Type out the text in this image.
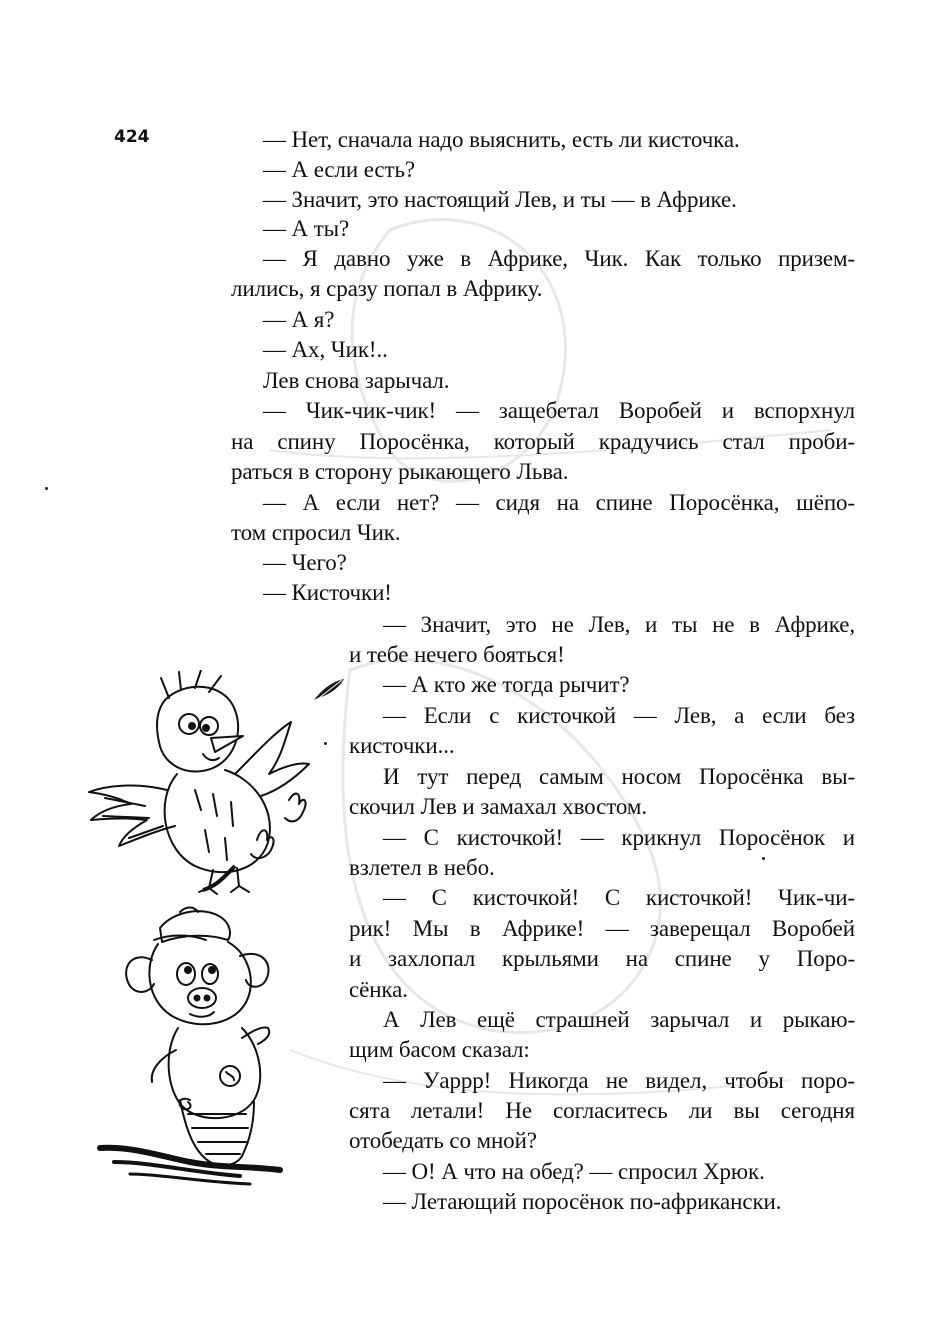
424	— Нет, сначала надо выяснить, есть ли кисточка.
— А если есть?
— Значит, это настоящий Лев, и ты — в Африке.
— А ты?
— Я давно уже в Африке, Чик. Как только призем-
лились, я сразу попал в Африку.
— А я?
— Ах, Чик!..
Лев снова зарычал.
— Чик-чик-чик! — защебетал Воробей и вспорхнул
на спину Поросёнка, который крадучись стал проби-
раться в сторону рыкающего Льва.
— А если нет? — сидя на спине Поросёнка, шёпо-
том спросил Чик.
— Чего?
— Кисточки!
— Значит, это не Лев, и ты не в Африке,
и тебе нечего бояться!
— А кто же тогда рычит?
— Если с кисточкой — Лев, а если без
кисточки...
И тут перед самым носом Поросёнка вы-
скочил Лев и замахал хвостом.
— С кисточкой! — крикнул Поросёнок и
взлетел в небо.
— С кисточкой! С кисточкой! Чик-чи-
рик! Мы в Африке! — заверещал Воробей
и захлопал крыльями на спине у Поро-
сёнка.
А Лев ещё страшней зарычал и рыкаю-
щим басом сказал:
— Уаррр! Никогда не видел, чтобы поро-
сята летали! Не согласитесь ли вы сегодня
отобедать со мной?
— О! А что на обед? — спросил Хрюк.
— Летающий поросёнок по-африкански.
